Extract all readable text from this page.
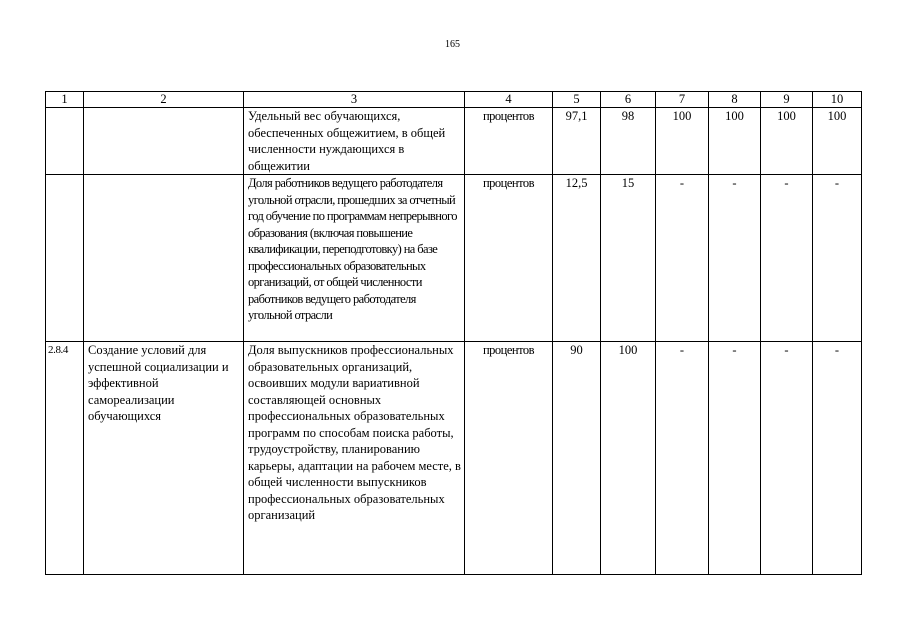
165
1	2	3	4	5	6	7	8	9	10
		Удельный вес обучающихся, обеспеченных общежитием, в общей численности нуждающихся в общежитии	процентов	97,1	98	100	100	100	100
		Доля работников ведущего работодателя угольной отрасли, прошедших за отчетный год обучение по программам непрерывного образования (включая повышение квалификации, переподготовку) на базе профессиональных образовательных организаций, от общей численности работников ведущего работодателя угольной отрасли	процентов	12,5	15	-	-	-	-
2.8.4	Создание условий для успешной социализации и эффективной самореализации обучающихся	Доля выпускников профессиональных образовательных организаций, освоивших модули вариативной составляющей основных профессиональных образовательных программ по способам поиска работы, трудоустройству, планированию карьеры, адаптации на рабочем месте, в общей численности выпускников профессиональных образовательных организаций	процентов	90	100	-	-	-	-
